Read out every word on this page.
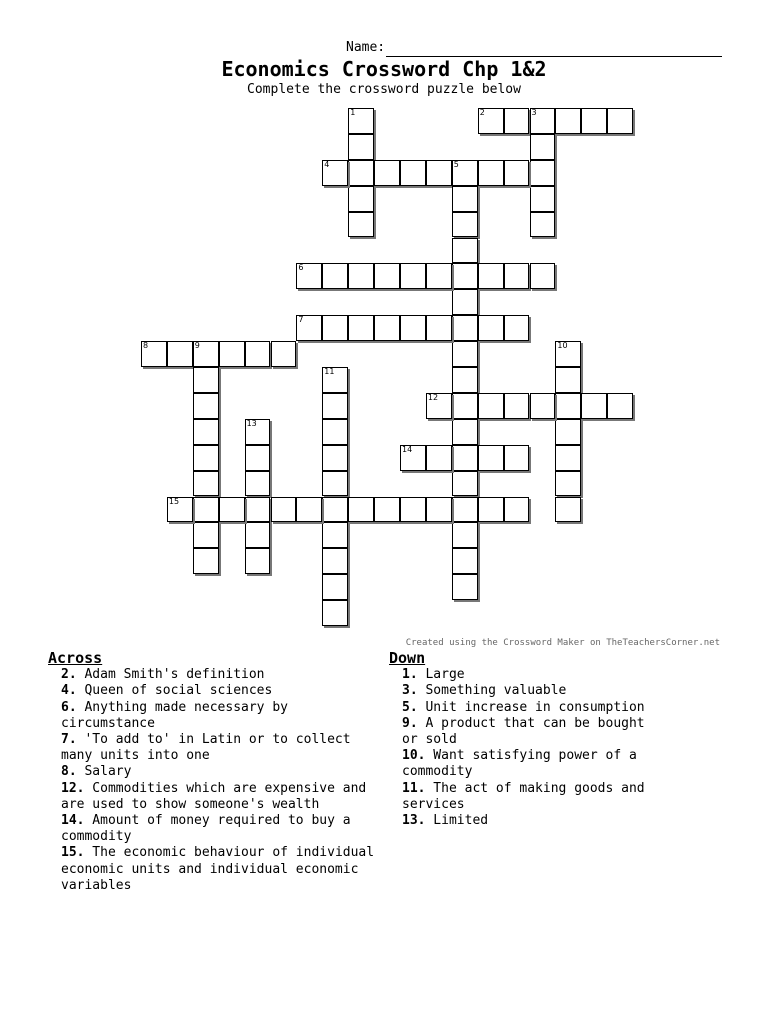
Name:
Economics Crossword Chp 1&2
Complete the crossword puzzle below
1	2	3
4	5
6
7
8	9	10
11
12
13
14
15
Created using the Crossword Maker on TheTeachersCorner.net
Across
2. Adam Smith's definition
4. Queen of social sciences
6. Anything made necessary by circumstance
7. 'To add to' in Latin or to collect many units into one
8. Salary
12. Commodities which are expensive and are used to show someone's wealth
14. Amount of money required to buy a commodity
15. The economic behaviour of individual economic units and individual economic variables
Down
1. Large
3. Something valuable
5. Unit increase in consumption
9. A product that can be bought or sold
10. Want satisfying power of a commodity
11. The act of making goods and services
13. Limited
